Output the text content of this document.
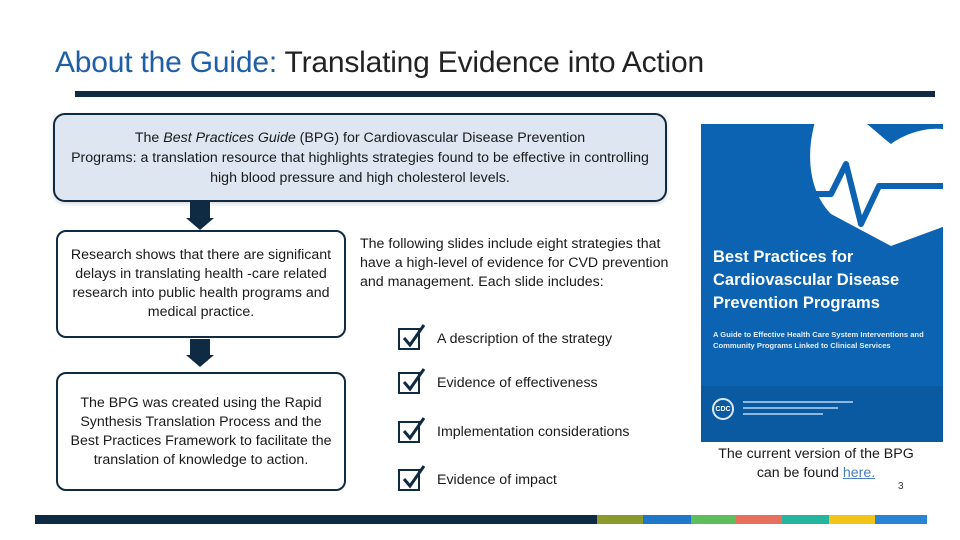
About the Guide: Translating Evidence into Action
The Best Practices Guide (BPG) for Cardiovascular Disease Prevention
Programs: a translation resource that highlights strategies found to be effective in controlling high blood pressure and high cholesterol levels.
Research shows that there are significant delays in translating health -care related research into public health programs and medical practice.
The BPG was created using the Rapid Synthesis Translation Process and the Best Practices Framework to facilitate the translation of knowledge to action.
The following slides include eight strategies that have a high-level of evidence for CVD prevention and management. Each slide includes:
A description of the strategy
Evidence of effectiveness
Implementation considerations
Evidence of impact
Best Practices for
Cardiovascular Disease
Prevention Programs
A Guide to Effective Health Care System Interventions and Community Programs Linked to Clinical Services
CDC
The current version of the BPG can be found here.
3
